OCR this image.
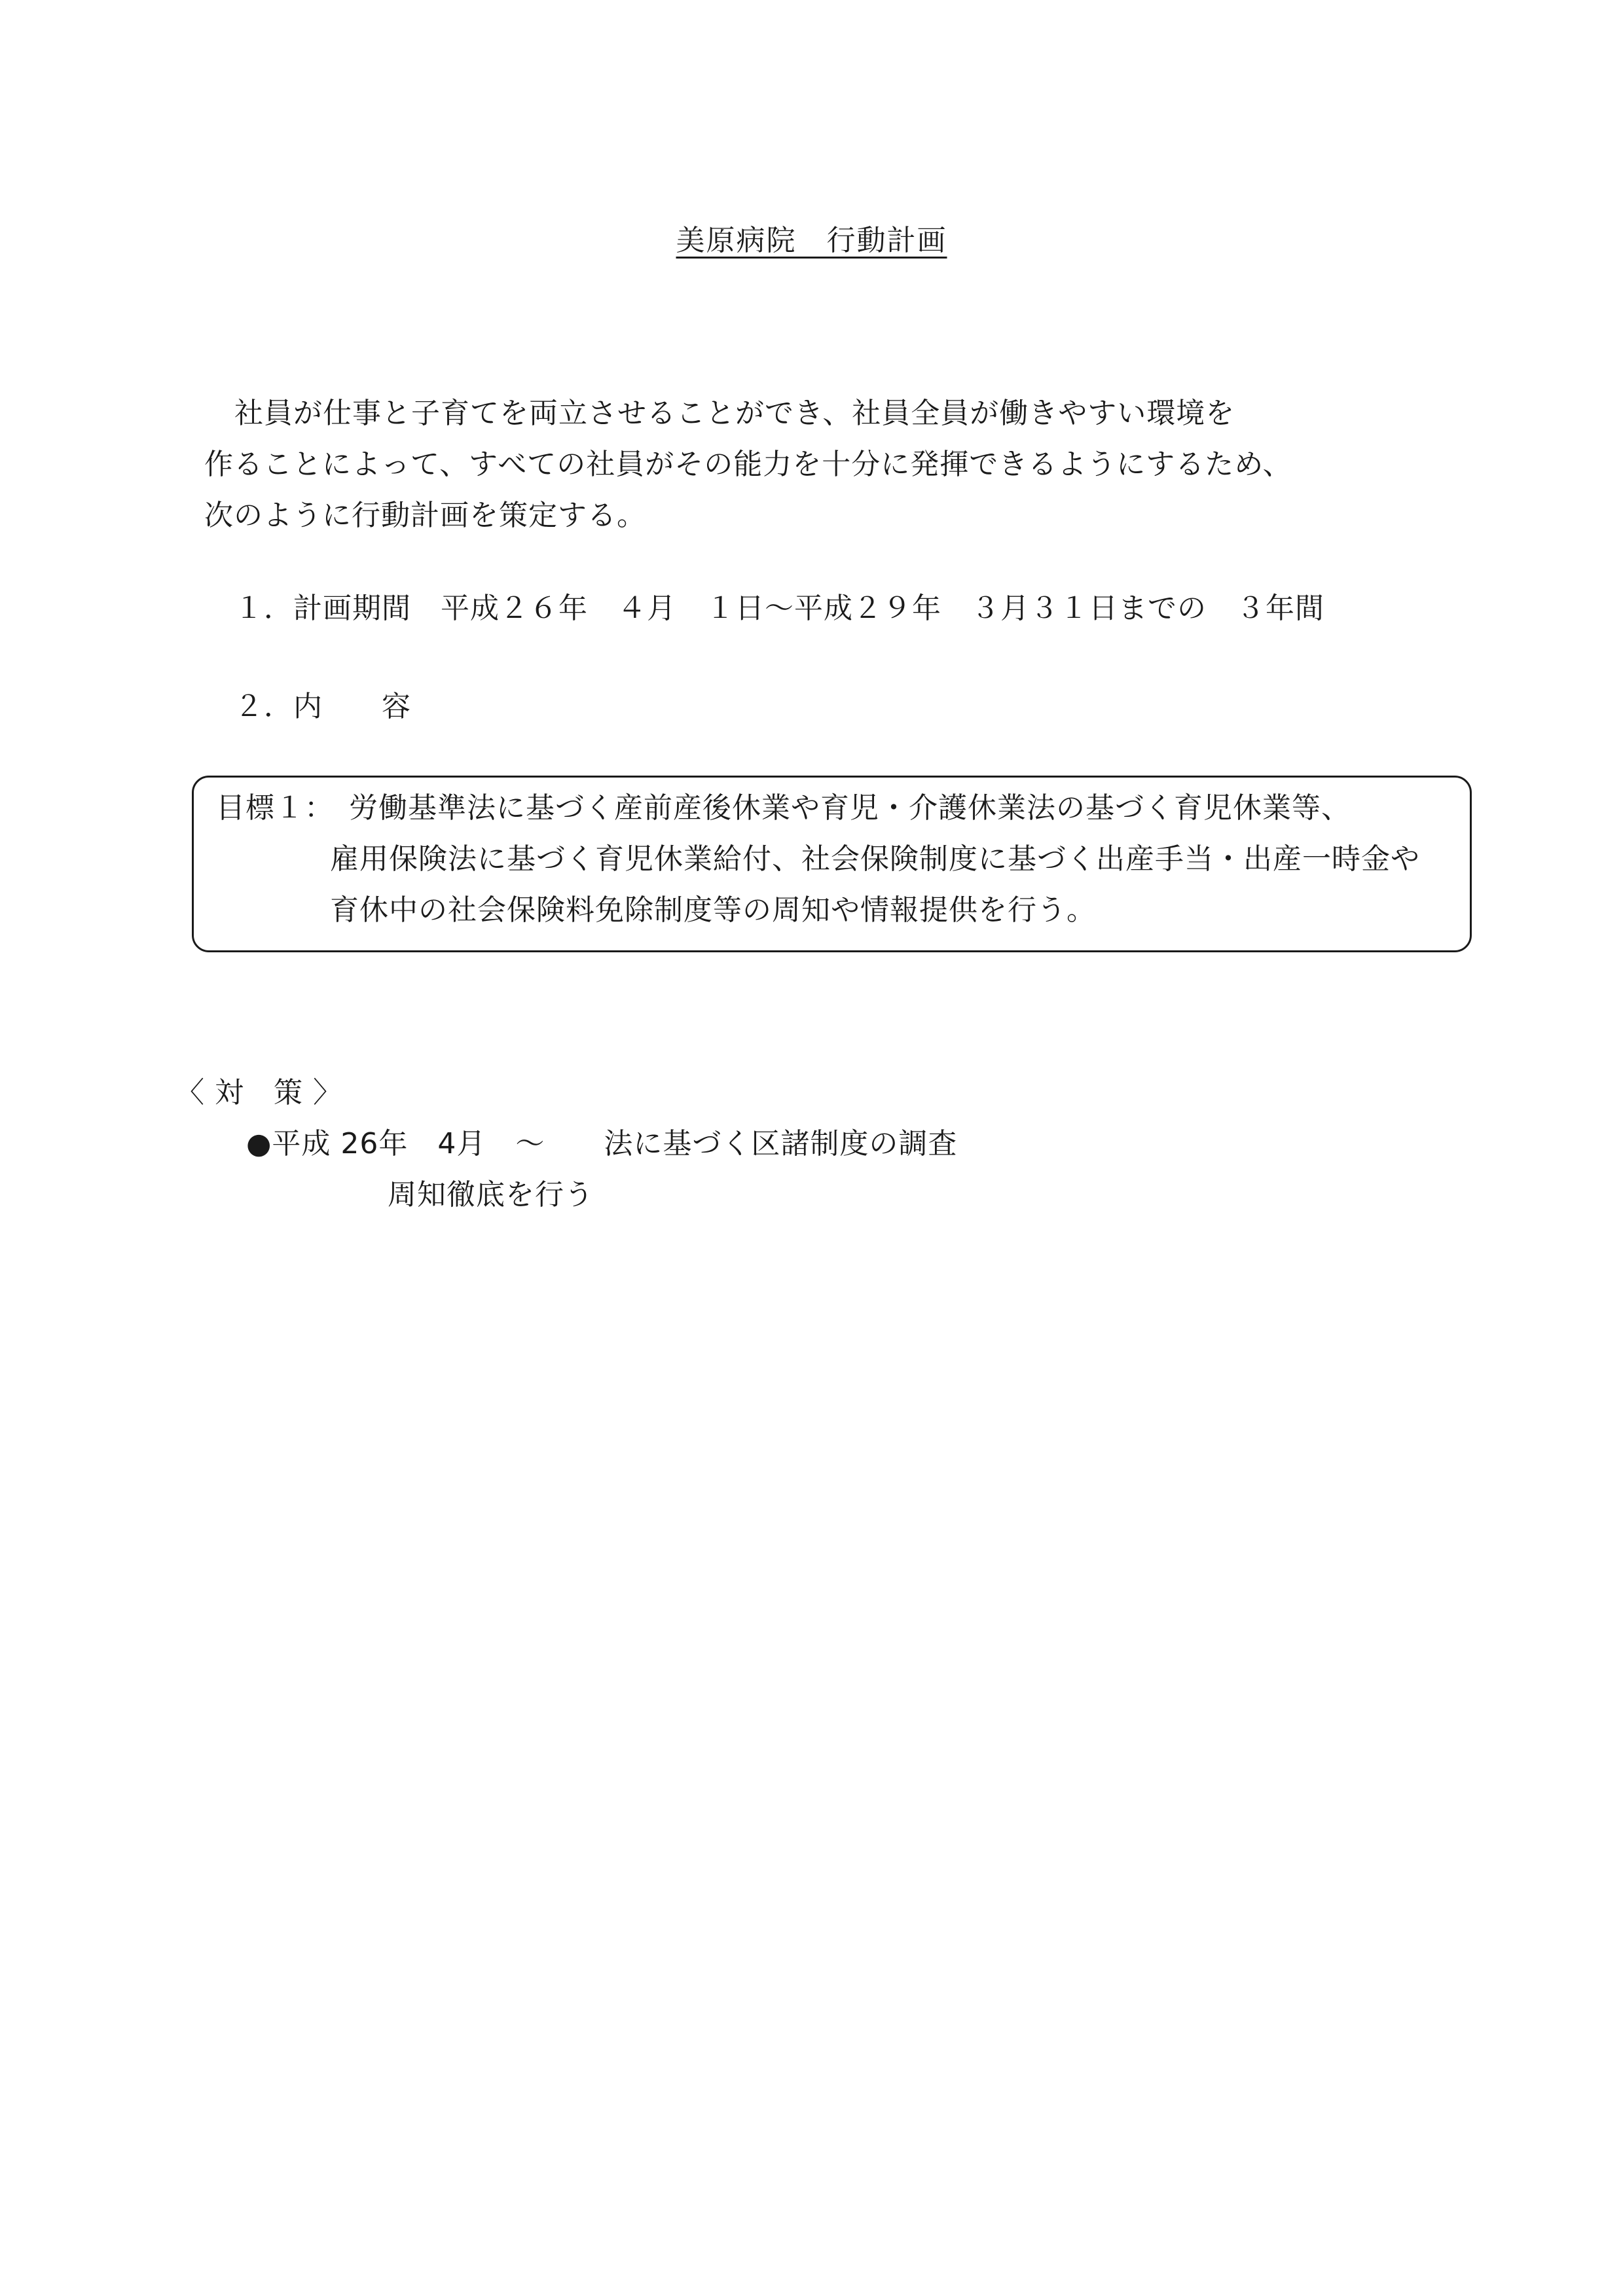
美原病院　行動計画
社員が仕事と子育てを両立させることができ、社員全員が働きやすい環境を
作ることによって、すべての社員がその能力を十分に発揮できるようにするため、
次のように行動計画を策定する。
１．計画期間　平成２６年　４月　１日～平成２９年　３月３１日までの　３年間
２．内　　容
目標１：　労働基準法に基づく産前産後休業や育児・介護休業法の基づく育児休業等、
雇用保険法に基づく育児休業給付、社会保険制度に基づく出産手当・出産一時金や
育休中の社会保険料免除制度等の周知や情報提供を行う。
〈 対　策 〉
●平成 26年　4月　～　　法に基づく区諸制度の調査
周知徹底を行う
